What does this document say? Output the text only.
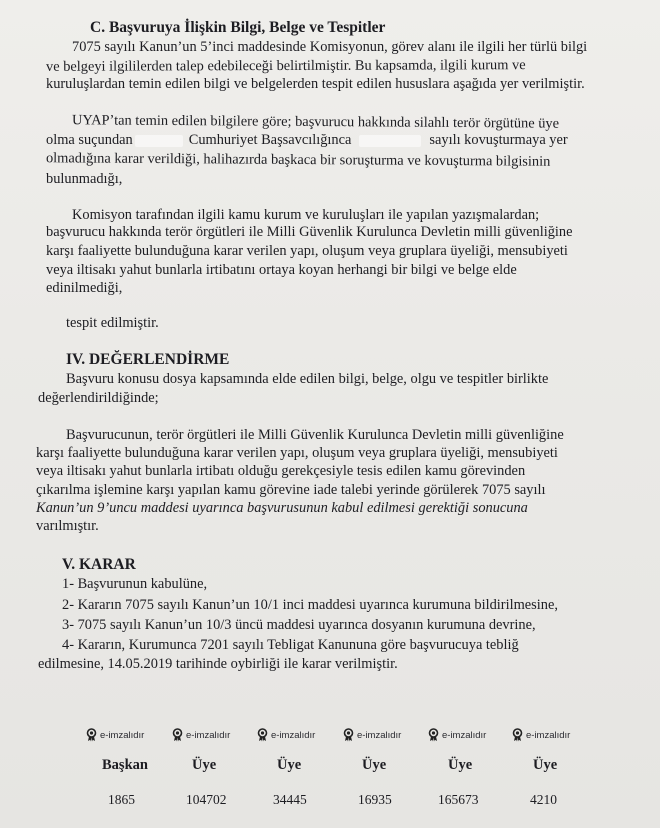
C. Başvuruya İlişkin Bilgi, Belge ve Tespitler
7075 sayılı Kanun’un 5’inci maddesinde Komisyonun, görev alanı ile ilgili her türlü bilgi
ve belgeyi ilgililerden talep edebileceği belirtilmiştir. Bu kapsamda, ilgili kurum ve
kuruluşlardan temin edilen bilgi ve belgelerden tespit edilen hususlara aşağıda yer verilmiştir.
UYAP’tan temin edilen bilgilere göre; başvurucu hakkında silahlı terör örgütüne üye
olma suçundan	Cumhuriyet Başsavcılığınca	sayılı kovuşturmaya yer
olmadığına karar verildiği, halihazırda başkaca bir soruşturma ve kovuşturma bilgisinin
bulunmadığı,
Komisyon tarafından ilgili kamu kurum ve kuruluşları ile yapılan yazışmalardan;
başvurucu hakkında terör örgütleri ile Milli Güvenlik Kurulunca Devletin milli güvenliğine
karşı faaliyette bulunduğuna karar verilen yapı, oluşum veya gruplara üyeliği, mensubiyeti
veya iltisakı yahut bunlarla irtibatını ortaya koyan herhangi bir bilgi ve belge elde
edinilmediği,
tespit edilmiştir.
IV. DEĞERLENDİRME
Başvuru konusu dosya kapsamında elde edilen bilgi, belge, olgu ve tespitler birlikte
değerlendirildiğinde;
Başvurucunun, terör örgütleri ile Milli Güvenlik Kurulunca Devletin milli güvenliğine
karşı faaliyette bulunduğuna karar verilen yapı, oluşum veya gruplara üyeliği, mensubiyeti
veya iltisakı yahut bunlarla irtibatı olduğu gerekçesiyle tesis edilen kamu görevinden
çıkarılma işlemine karşı yapılan kamu görevine iade talebi yerinde görülerek 7075 sayılı
Kanun’un 9’uncu maddesi uyarınca başvurusunun kabul edilmesi gerektiği sonucuna
varılmıştır.
V. KARAR
1- Başvurunun kabulüne,
2- Kararın 7075 sayılı Kanun’un 10/1 inci maddesi uyarınca kurumuna bildirilmesine,
3- 7075 sayılı Kanun’un 10/3 üncü maddesi uyarınca dosyanın kurumuna devrine,
4- Kararın, Kurumunca 7201 sayılı Tebligat Kanununa göre başvurucuya tebliğ
edilmesine, 14.05.2019 tarihinde oybirliği ile karar verilmiştir.
e-imzalıdır	e-imzalıdır	e-imzalıdır	e-imzalıdır	e-imzalıdır	e-imzalıdır
Başkan	Üye	Üye	Üye	Üye	Üye
1865	104702	34445	16935	165673	4210
